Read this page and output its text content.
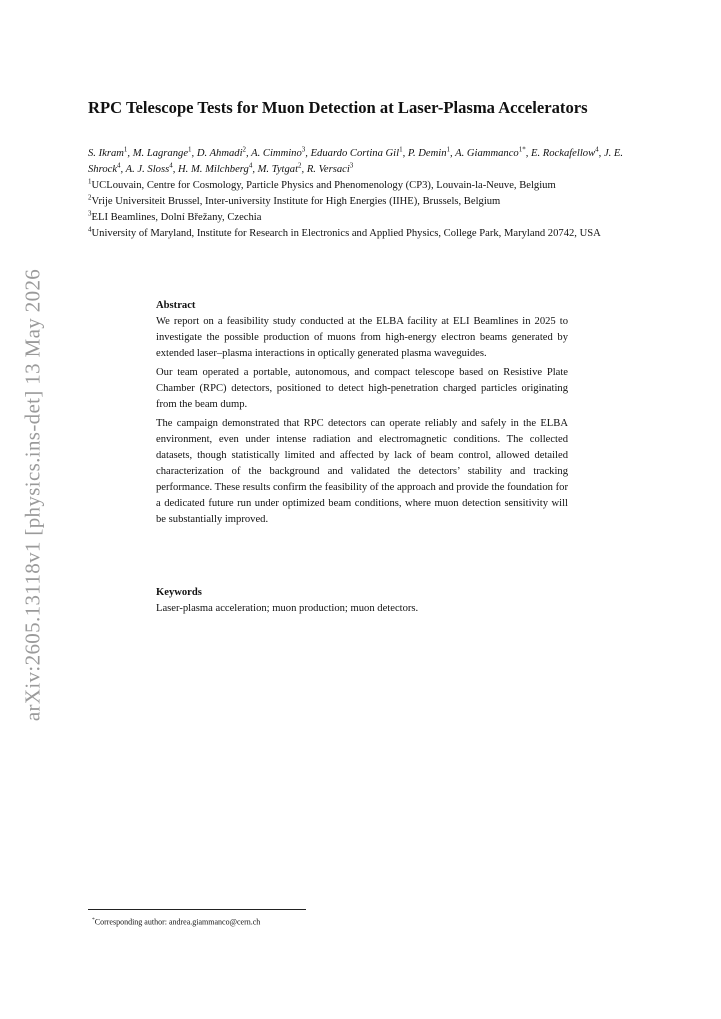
arXiv:2605.13118v1 [physics.ins-det] 13 May 2026
RPC Telescope Tests for Muon Detection at Laser-Plasma Accelerators
S. Ikram$^1$, M. Lagrange$^1$, D. Ahmadi$^2$, A. Cimmino$^3$, Eduardo Cortina Gil$^1$, P. Demin$^1$, A. Giammanco$^{1*}$, E. Rockafellow$^4$, J. E. Shrock$^4$, A. J. Sloss$^4$, H. M. Milchberg$^4$, M. Tytgat$^2$, R. Versaci$^3$

$^1$UCLouvain, Centre for Cosmology, Particle Physics and Phenomenology (CP3), Louvain-la-Neuve, Belgium

$^2$Vrije Universiteit Brussel, Inter-university Institute for High Energies (IIHE), Brussels, Belgium

$^3$ELI Beamlines, Dolní Břežany, Czechia

$^4$University of Maryland, Institute for Research in Electronics and Applied Physics, College Park, Maryland 20742, USA

Abstract

We report on a feasibility study conducted at the ELBA facility at ELI Beamlines in 2025 to investigate the possible production of muons from high-energy electron beams generated by extended laser–plasma interactions in optically generated plasma waveguides.

Our team operated a portable, autonomous, and compact telescope based on Resistive Plate Chamber (RPC) detectors, positioned to detect high-penetration charged particles originating from the beam dump.

The campaign demonstrated that RPC detectors can operate reliably and safely in the ELBA environment, even under intense radiation and electromagnetic conditions. The collected datasets, though statistically limited and affected by lack of beam control, allowed detailed characterization of the background and validated the detectors’ stability and tracking performance. These results confirm the feasibility of the approach and provide the foundation for a dedicated future run under optimized beam conditions, where muon detection sensitivity will be substantially improved.

Keywords

Laser-plasma acceleration; muon production; muon detectors.

*Corresponding author: andrea.giammanco@cern.ch
